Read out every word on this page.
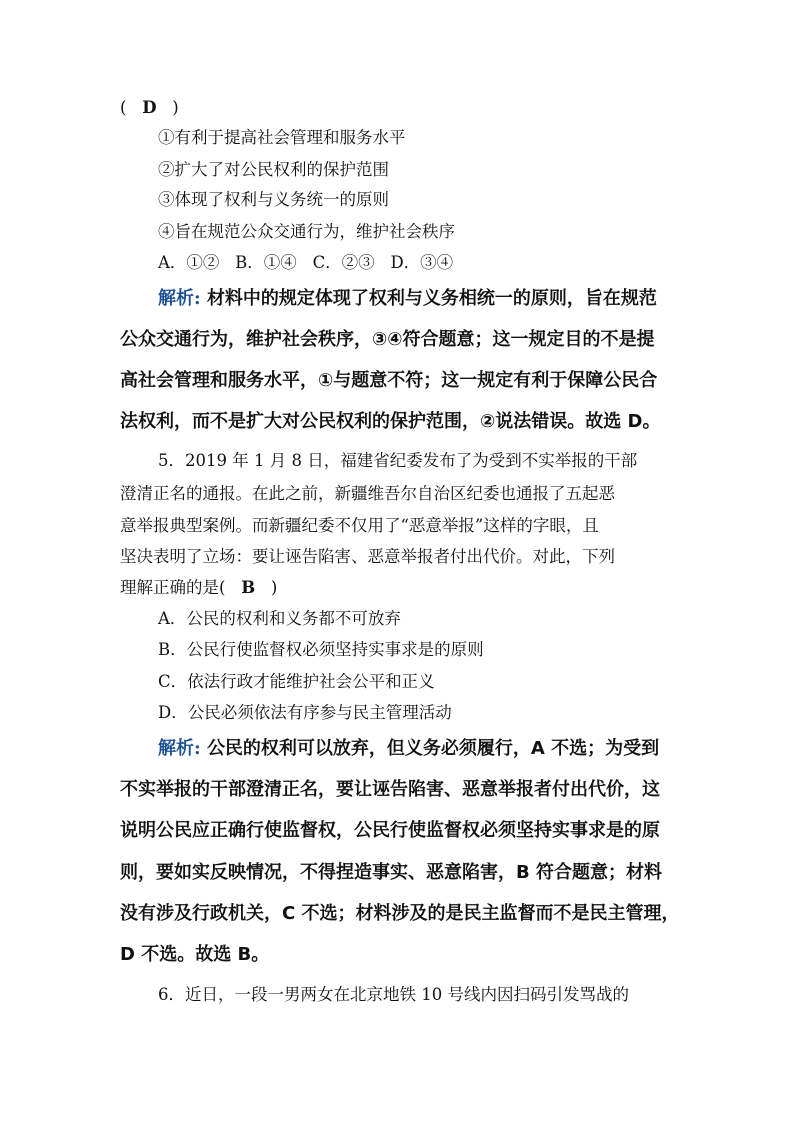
( D )
①有利于提高社会管理和服务水平
②扩大了对公民权利的保护范围
③体现了权利与义务统一的原则
④旨在规范公众交通行为，维护社会秩序
A．①② B．①④ C．②③ D．③④
解析: 材料中的规定体现了权利与义务相统一的原则，旨在规范
公众交通行为，维护社会秩序，③④符合题意；这一规定目的不是提
高社会管理和服务水平，①与题意不符；这一规定有利于保障公民合
法权利，而不是扩大对公民权利的保护范围，②说法错误。故选 D。
5．2019 年 1 月 8 日，福建省纪委发布了为受到不实举报的干部
澄清正名的通报。在此之前，新疆维吾尔自治区纪委也通报了五起恶
意举报典型案例。而新疆纪委不仅用了“恶意举报”这样的字眼，且
坚决表明了立场：要让诬告陷害、恶意举报者付出代价。对此，下列
理解正确的是( B )
A．公民的权利和义务都不可放弃
B．公民行使监督权必须坚持实事求是的原则
C．依法行政才能维护社会公平和正义
D．公民必须依法有序参与民主管理活动
解析: 公民的权利可以放弃，但义务必须履行，A 不选；为受到
不实举报的干部澄清正名，要让诬告陷害、恶意举报者付出代价，这
说明公民应正确行使监督权，公民行使监督权必须坚持实事求是的原
则，要如实反映情况，不得捏造事实、恶意陷害，B 符合题意；材料
没有涉及行政机关，C 不选；材料涉及的是民主监督而不是民主管理，
D 不选。故选 B。
6．近日，一段一男两女在北京地铁 10 号线内因扫码引发骂战的
